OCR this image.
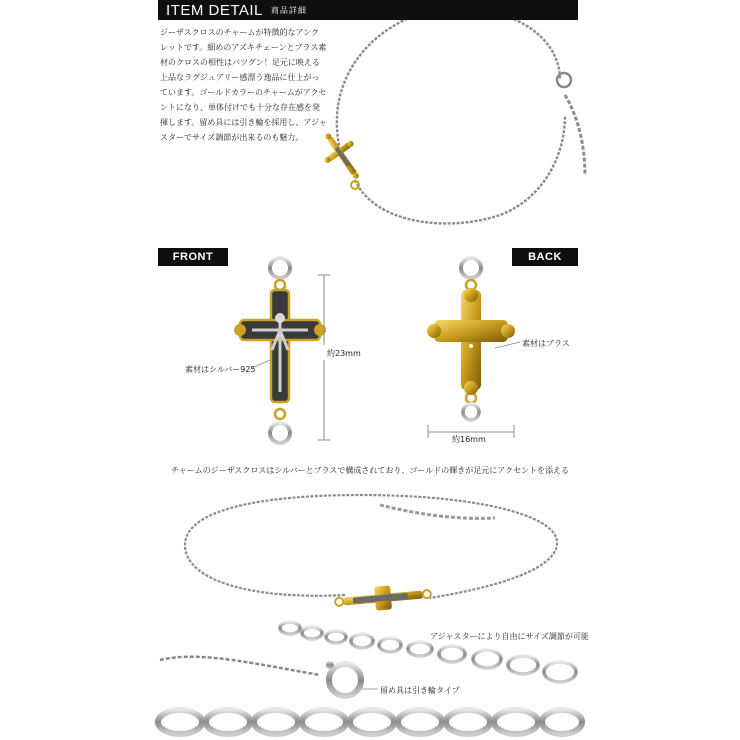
ITEM DETAIL 商品詳細
ジーザスクロスのチャームが特徴的なアンク
レットです。細めのアズキチェーンとブラス素
材のクロスの相性はバツグン！足元に映える
上品なラグジュアリー感漂う逸品に仕上がっ
ています。ゴールドカラーのチャームがアクセ
ントになり、単体付けでも十分な存在感を発
揮します。留め具には引き輪を採用し、アジャ
スターでサイズ調節が出来るのも魅力。
FRONT	BACK
素材はシルバー925
約23mm
素材はブラス
約16mm
チャームのジーザスクロスはシルバーとブラスで構成されており、ゴールドの輝きが足元にアクセントを添える
アジャスターにより自由にサイズ調節が可能
留め具は引き輪タイプ
